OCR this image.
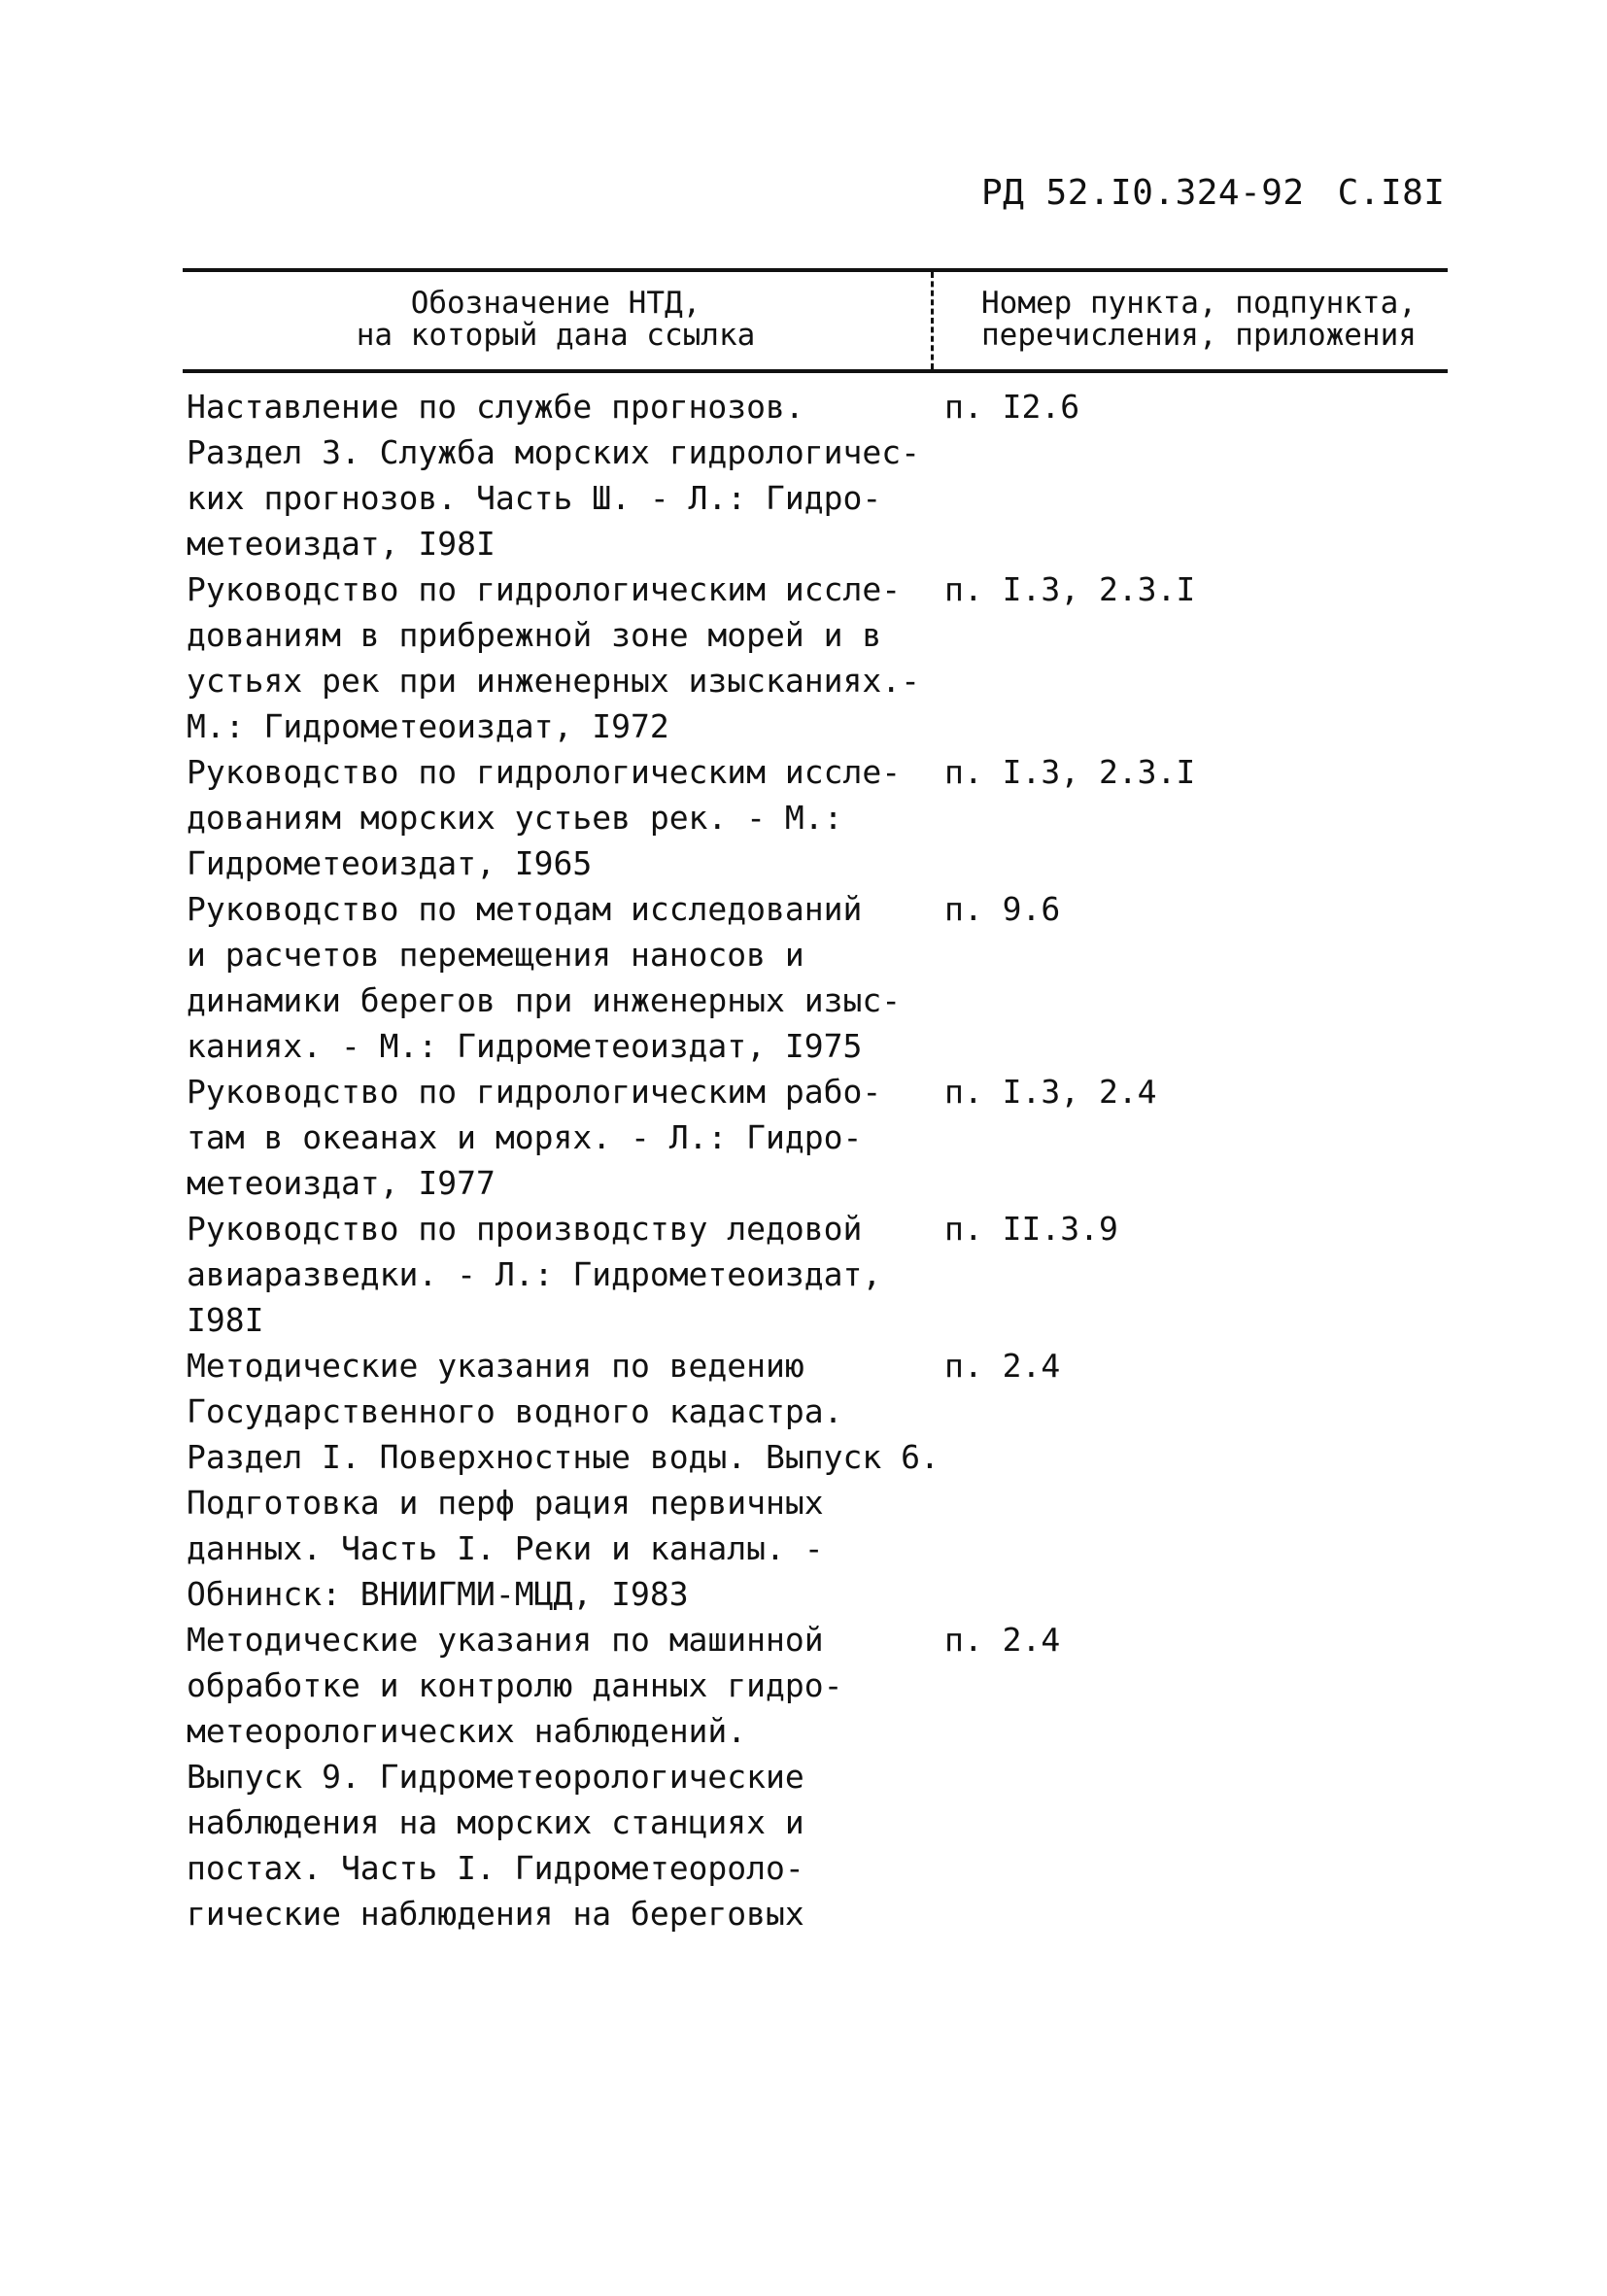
РД 52.I0.324-92 С.I8I
Обозначение НТД,
на который дана ссылка
Номер пункта, подпункта,
перечисления, приложения
Наставление по службе прогнозов.
Раздел 3. Служба морских гидрологичес-
ких прогнозов. Часть Ш. - Л.: Гидро-
метеоиздат, I98I
п. I2.6
Руководство по гидрологическим иссле-
дованиям в прибрежной зоне морей и в
устьях рек при инженерных изысканиях.-
М.: Гидрометеоиздат, I972
п. I.3, 2.3.I
Руководство по гидрологическим иссле-
дованиям морских устьев рек. - М.:
Гидрометеоиздат, I965
п. I.3, 2.3.I
Руководство по методам исследований
и расчетов перемещения наносов и
динамики берегов при инженерных изыс-
каниях. - М.: Гидрометеоиздат, I975
п. 9.6
Руководство по гидрологическим рабо-
там в океанах и морях. - Л.: Гидро-
метеоиздат, I977
п. I.3, 2.4
Руководство по производству ледовой
авиаразведки. - Л.: Гидрометеоиздат,
I98I
п. II.3.9
Методические указания по ведению
Государственного водного кадастра.
Раздел I. Поверхностные воды. Выпуск 6.
Подготовка и перф рация первичных
данных. Часть I. Реки и каналы. -
Обнинск: ВНИИГМИ-МЦД, I983
п. 2.4
Методические указания по машинной
обработке и контролю данных гидро-
метеорологических наблюдений.
Выпуск 9. Гидрометеорологические
наблюдения на морских станциях и
постах. Часть I. Гидрометеороло-
гические наблюдения на береговых
п. 2.4
